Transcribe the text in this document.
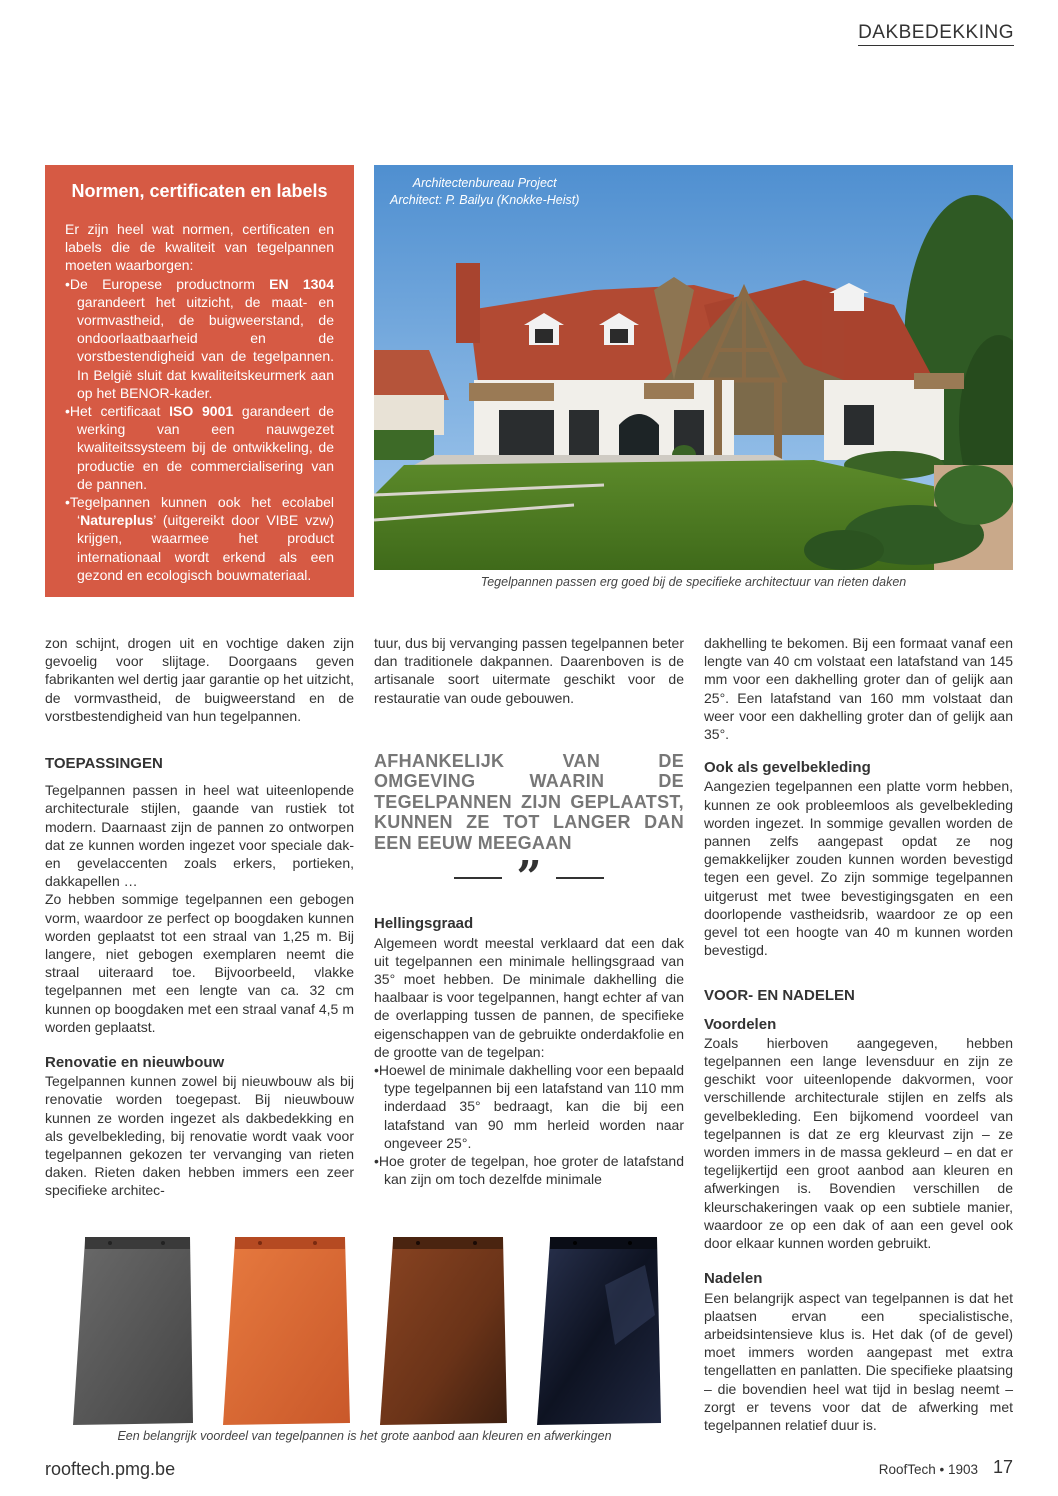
DAKBEDEKKING
Normen, certificaten en labels

Er zijn heel wat normen, certificaten en labels die de kwaliteit van tegelpannen moeten waarborgen:

•De Europese productnorm EN 1304 garandeert het uitzicht, de maat- en vormvastheid, de buigweerstand, de ondoorlaatbaarheid en de vorstbestendigheid van de tegelpannen. In België sluit dat kwaliteitskeurmerk aan op het BENOR-kader.
•Het certificaat ISO 9001 garandeert de werking van een nauwgezet kwaliteitssysteem bij de ontwikkeling, de productie en de commercialisering van de pannen.
•Tegelpannen kunnen ook het ecolabel ‘Natureplus’ (uitgereikt door VIBE vzw) krijgen, waarmee het product internationaal wordt erkend als een gezond en ecologisch bouwmateriaal.
Architectenbureau Project
Architect: P. Bailyu (Knokke-Heist)
Tegelpannen passen erg goed bij de specifieke architectuur van rieten daken

zon schijnt, drogen uit en vochtige daken zijn gevoelig voor slijtage. Doorgaans geven fabrikanten wel dertig jaar garantie op het uitzicht, de vormvastheid, de buigweerstand en de vorstbestendigheid van hun tegelpannen.

TOEPASSINGEN

Tegelpannen passen in heel wat uiteenlopende architecturale stijlen, gaande van rustiek tot modern. Daarnaast zijn de pannen zo ontworpen dat ze kunnen worden ingezet voor speciale dak- en gevelaccenten zoals erkers, portieken, dakkapellen …

Zo hebben sommige tegelpannen een gebogen vorm, waardoor ze perfect op boogdaken kunnen worden geplaatst tot een straal van 1,25 m. Bij langere, niet gebogen exemplaren neemt die straal uiteraard toe. Bijvoorbeeld, vlakke tegelpannen met een lengte van ca. 32 cm kunnen op boogdaken met een straal vanaf 4,5 m worden geplaatst.

Renovatie en nieuwbouw

Tegelpannen kunnen zowel bij nieuwbouw als bij renovatie worden toegepast. Bij nieuwbouw kunnen ze worden ingezet als dakbedekking en als gevelbekleding, bij renovatie wordt vaak voor tegelpannen gekozen ter vervanging van rieten daken. Rieten daken hebben immers een zeer specifieke architec-

tuur, dus bij vervanging passen tegelpannen beter dan traditionele dakpannen. Daarenboven is de artisanale soort uitermate geschikt voor de restauratie van oude gebouwen.

AFHANKELIJK VAN DE OMGEVING WAARIN DE TEGELPANNEN ZIJN GEPLAATST, KUNNEN ZE TOT LANGER DAN EEN EEUW MEEGAAN

”
Hellingsgraad

Algemeen wordt meestal verklaard dat een dak uit tegelpannen een minimale hellingsgraad van 35° moet hebben. De minimale dakhelling die haalbaar is voor tegelpannen, hangt echter af van de overlapping tussen de pannen, de specifieke eigenschappen van de gebruikte onderdakfolie en de grootte van de tegelpan:

•Hoewel de minimale dakhelling voor een bepaald type tegelpannen bij een latafstand van 110 mm inderdaad 35° bedraagt, kan die bij een latafstand van 90 mm herleid worden naar ongeveer 25°.
•Hoe groter de tegelpan, hoe groter de latafstand kan zijn om toch dezelfde minimale

dakhelling te bekomen. Bij een formaat vanaf een lengte van 40 cm volstaat een latafstand van 145 mm voor een dakhelling groter dan of gelijk aan 25°. Een latafstand van 160 mm volstaat dan weer voor een dakhelling groter dan of gelijk aan 35°.

Ook als gevelbekleding

Aangezien tegelpannen een platte vorm hebben, kunnen ze ook probleemloos als gevelbekleding worden ingezet. In sommige gevallen worden de pannen zelfs aangepast opdat ze nog gemakkelijker zouden kunnen worden bevestigd tegen een gevel. Zo zijn sommige tegelpannen uitgerust met twee bevestigingsgaten en een doorlopende vastheidsrib, waardoor ze op een gevel tot een hoogte van 40 m kunnen worden bevestigd.

VOOR- EN NADELEN
Voordelen

Zoals hierboven aangegeven, hebben tegelpannen een lange levensduur en zijn ze geschikt voor uiteenlopende dakvormen, voor verschillende architecturale stijlen en zelfs als gevelbekleding. Een bijkomend voordeel van tegelpannen is dat ze erg kleurvast zijn – ze worden immers in de massa gekleurd – en dat er tegelijkertijd een groot aanbod aan kleuren en afwerkingen is. Bovendien verschillen de kleurschakeringen vaak op een subtiele manier, waardoor ze op een dak of aan een gevel ook door elkaar kunnen worden gebruikt.

Nadelen

Een belangrijk aspect van tegelpannen is dat het plaatsen ervan een specialistische, arbeidsintensieve klus is. Het dak (of de gevel) moet immers worden aangepast met extra tengellatten en panlatten. Die specifieke plaatsing – die bovendien heel wat tijd in beslag neemt – zorgt er tevens voor dat de afwerking met tegelpannen relatief duur is.

Een belangrijk voordeel van tegelpannen is het grote aanbod aan kleuren en afwerkingen
rooftech.pmg.be	RoofTech • 1903 17
